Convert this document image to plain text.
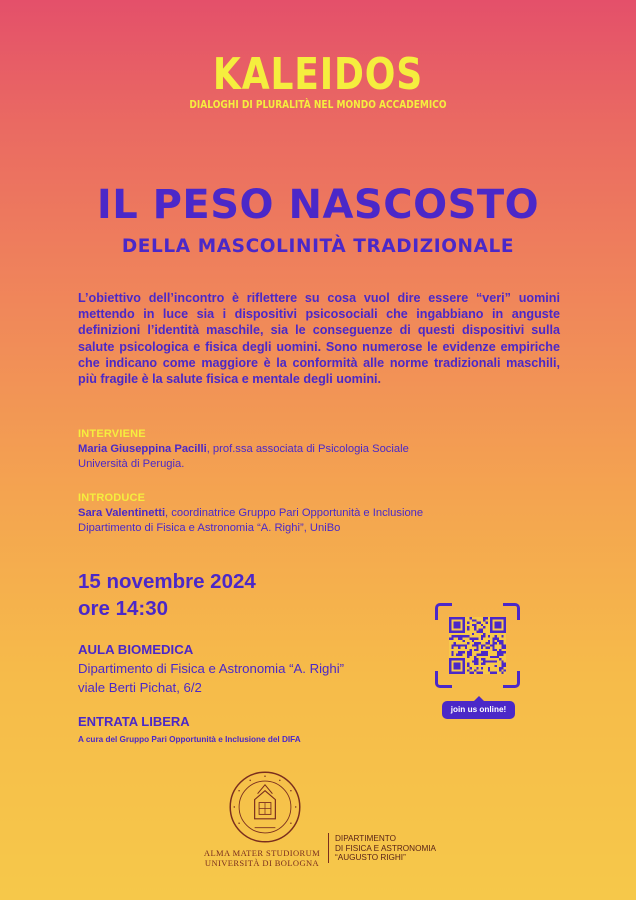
KALEIDOS
DIALOGHI DI PLURALITÀ NEL MONDO ACCADEMICO
IL PESO NASCOSTO
DELLA MASCOLINITÀ TRADIZIONALE

L’obiettivo dell’incontro è riflettere su cosa vuol dire essere “veri” uomini mettendo in luce sia i dispositivi psicosociali che ingabbiano in anguste definizioni l’identità maschile, sia le conseguenze di questi dispositivi sulla salute psicologica e fisica degli uomini. Sono numerose le evidenze empiriche che indicano come maggiore è la conformità alle norme tradizionali maschili, più fragile è la salute fisica e mentale degli uomini.

INTERVIENE
Maria Giuseppina Pacilli, prof.ssa associata di Psicologia Sociale
Università di Perugia.
INTRODUCE
Sara Valentinetti, coordinatrice Gruppo Pari Opportunità e Inclusione
Dipartimento di Fisica e Astronomia “A. Righi”, UniBo
15 novembre 2024
ore 14:30
AULA BIOMEDICA
Dipartimento di Fisica e Astronomia “A. Righi”
viale Berti Pichat, 6/2
ENTRATA LIBERA
A cura del Gruppo Pari Opportunità e Inclusione del DIFA
join us online!
ALMA MATER STUDIORUM
UNIVERSITÀ DI BOLOGNA
DIPARTIMENTO
DI FISICA E ASTRONOMIA
“AUGUSTO RIGHI”
